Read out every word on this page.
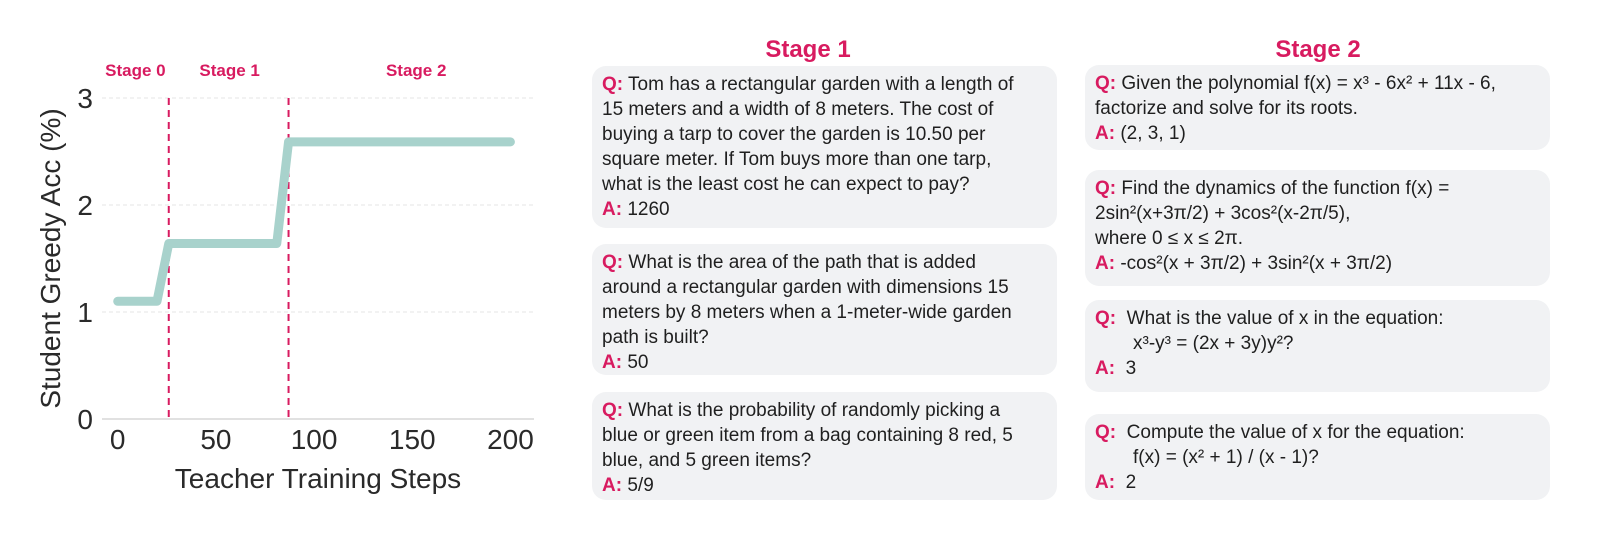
0
1
2
3
0	50 100 150 200
Teacher Training Steps
Student Greedy Acc (%)
Stage 0 Stage 1	Stage 2
Stage 1	Stage 2
Q: Tom has a rectangular garden with a length of
15 meters and a width of 8 meters. The cost of
buying a tarp to cover the garden is 10.50 per
square meter. If Tom buys more than one tarp,
what is the least cost he can expect to pay?
A: 1260
Q: What is the area of the path that is added
around a rectangular garden with dimensions 15
meters by 8 meters when a 1-meter-wide garden
path is built?
A: 50
Q: What is the probability of randomly picking a
blue or green item from a bag containing 8 red, 5
blue, and 5 green items?
A: 5/9
Q: Given the polynomial f(x) = x³ - 6x² + 11x - 6,
factorize and solve for its roots.
A: (2, 3, 1)
Q: Find the dynamics of the function f(x) =
2sin²(x+3π/2) + 3cos²(x-2π/5),
where 0 ≤ x ≤ 2π.
A: -cos²(x + 3π/2) + 3sin²(x + 3π/2)
Q: What is the value of x in the equation:
x³-y³ = (2x + 3y)y²?
A: 3
Q: Compute the value of x for the equation:
f(x) = (x² + 1) / (x - 1)?
A: 2
